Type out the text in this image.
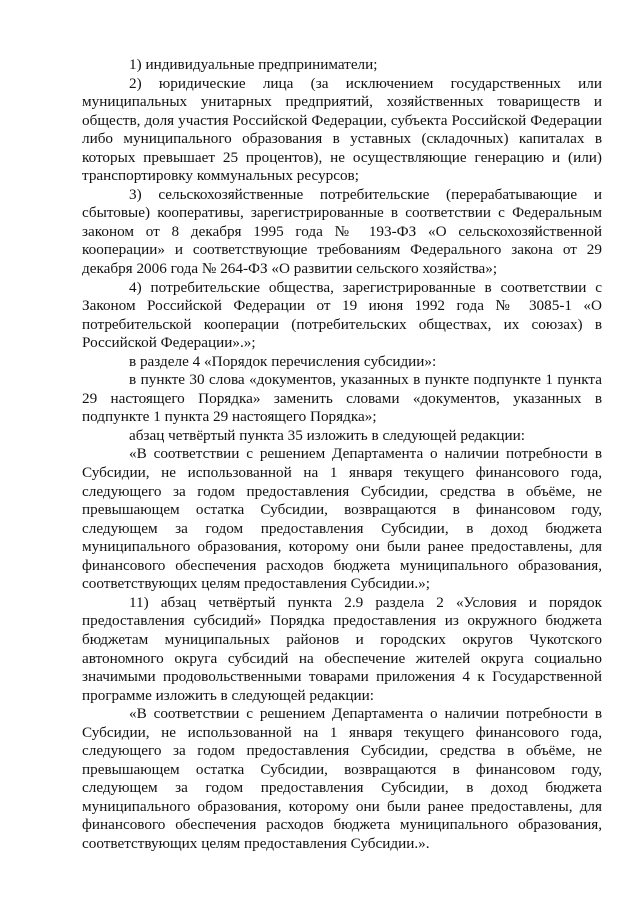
1) индивидуальные предприниматели;

2) юридические лица (за исключением государственных или муниципальных унитарных предприятий, хозяйственных товариществ и обществ, доля участия Российской Федерации, субъекта Российской Федерации либо муниципального образования в уставных (складочных) капиталах в которых превышает 25 процентов), не осуществляющие генерацию и (или) транспортировку коммунальных ресурсов;

3) сельскохозяйственные потребительские (перерабатывающие и сбытовые) кооперативы, зарегистрированные в соответствии с Федеральным законом от 8 декабря 1995 года № 193-ФЗ «О сельскохозяйственной кооперации» и соответствующие требованиям Федерального закона от 29 декабря 2006 года № 264-ФЗ «О развитии сельского хозяйства»;

4) потребительские общества, зарегистрированные в соответствии с Законом Российской Федерации от 19 июня 1992 года № 3085-1 «О потребительской кооперации (потребительских обществах, их союзах) в Российской Федерации».»;

в разделе 4 «Порядок перечисления субсидии»:

в пункте 30 слова «документов, указанных в пункте подпункте 1 пункта 29 настоящего Порядка» заменить словами «документов, указанных в подпункте 1 пункта 29 настоящего Порядка»;

абзац четвёртый пункта 35 изложить в следующей редакции:

«В соответствии с решением Департамента о наличии потребности в Субсидии, не использованной на 1 января текущего финансового года, следующего за годом предоставления Субсидии, средства в объёме, не превышающем остатка Субсидии, возвращаются в финансовом году, следующем за годом предоставления Субсидии, в доход бюджета муниципального образования, которому они были ранее предоставлены, для финансового обеспечения расходов бюджета муниципального образования, соответствующих целям предоставления Субсидии.»;

11) абзац четвёртый пункта 2.9 раздела 2 «Условия и порядок предоставления субсидий» Порядка предоставления из окружного бюджета бюджетам муниципальных районов и городских округов Чукотского автономного округа субсидий на обеспечение жителей округа социально значимыми продовольственными товарами приложения 4 к Государственной программе изложить в следующей редакции:

«В соответствии с решением Департамента о наличии потребности в Субсидии, не использованной на 1 января текущего финансового года, следующего за годом предоставления Субсидии, средства в объёме, не превышающем остатка Субсидии, возвращаются в финансовом году, следующем за годом предоставления Субсидии, в доход бюджета муниципального образования, которому они были ранее предоставлены, для финансового обеспечения расходов бюджета муниципального образования, соответствующих целям предоставления Субсидии.».
